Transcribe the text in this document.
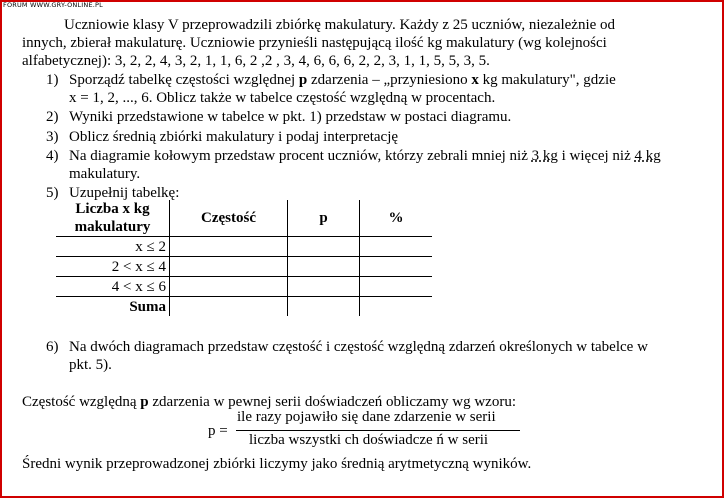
FORUM WWW.GRY-ONLINE.PL
Uczniowie klasy V przeprowadzili zbiórkę makulatury. Każdy z 25 uczniów, niezależnie od
innych, zbierał makulaturę. Uczniowie przynieśli następującą ilość kg makulatury (wg kolejności
alfabetycznej): 3, 2, 2, 4, 3, 2, 1, 1, 6, 2 ,2 , 3, 4, 6, 6, 6, 2, 2, 3, 1, 1, 5, 5, 3, 5.
1) Sporządź tabelkę częstości względnej p zdarzenia – „przyniesiono x kg makulatury", gdzie
x = 1, 2, ..., 6. Oblicz także w tabelce częstość względną w procentach.
2) Wyniki przedstawione w tabelce w pkt. 1) przedstaw w postaci diagramu.
3) Oblicz średnią zbiórki makulatury i podaj interpretację
4) Na diagramie kołowym przedstaw procent uczniów, którzy zebrali mniej niż 3 kg i więcej niż 4 kg
makulatury.
5) Uzupełnij tabelkę:
Liczba x kg
makulatury	Częstość	p	%
x ≤ 2			
2 < x ≤ 4			
4 < x ≤ 6			
Suma			
6) Na dwóch diagramach przedstaw częstość i częstość względną zdarzeń określonych w tabelce w
pkt. 5).
Częstość względną p zdarzenia w pewnej serii doświadczeń obliczamy wg wzoru:
p =
ile razy pojawiło się dane zdarzenie w serii
liczba wszystki ch doświadcze ń w serii
Średni wynik przeprowadzonej zbiórki liczymy jako średnią arytmetyczną wyników.
